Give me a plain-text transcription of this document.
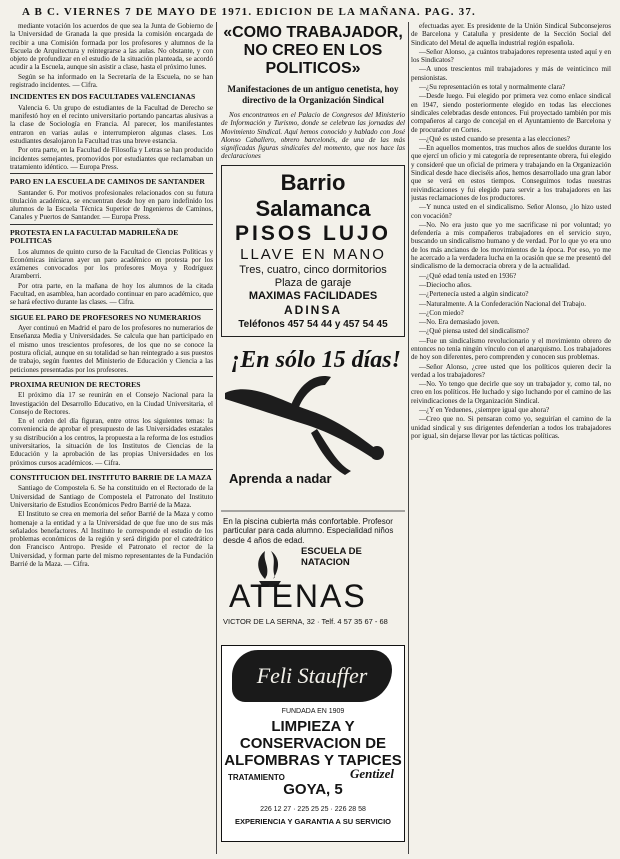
A B C. VIERNES 7 DE MAYO DE 1971. EDICION DE LA MAÑANA. PAG. 37.

mediante votación los acuerdos de que sea la Junta de Gobierno de la Universidad de Granada la que presida la comisión encargada de recibir a una Comisión formada por los profesores y alumnos de la Escuela de Arquitectura y reintegrarse a las aulas. No obstante, y con objeto de profundizar en el estudio de la situación planteada, se acordó acudir a la Escuela, aunque sin asistir a clase, hasta el próximo lunes.

Según se ha informado en la Secretaría de la Escuela, no se han registrado incidentes. — Cifra.

INCIDENTES EN DOS FACULTADES VALENCIANAS

Valencia 6. Un grupo de estudiantes de la Facultad de Derecho se manifestó hoy en el recinto universitario portando pancartas alusivas a la clase de Sociología en Francia. Al parecer, los manifestantes entraron en varias aulas e interrumpieron algunas clases. Los estudiantes desalojaron la Facultad tras una breve estancia.

Por otra parte, en la Facultad de Filosofía y Letras se han producido incidentes semejantes, promovidos por estudiantes que reclamaban un tratamiento idéntico. — Europa Press.

PARO EN LA ESCUELA DE CAMINOS DE SANTANDER

Santander 6. Por motivos profesionales relacionados con su futura titulación académica, se encuentran desde hoy en paro indefinido los alumnos de la Escuela Técnica Superior de Ingenieros de Caminos, Canales y Puertos de Santander. — Europa Press.

PROTESTA EN LA FACULTAD MADRILEÑA DE POLITICAS

Los alumnos de quinto curso de la Facultad de Ciencias Políticas y Económicas iniciaron ayer un paro académico en protesta por los exámenes convocados por los profesores Moya y Rodríguez Aramberri.

Por otra parte, en la mañana de hoy los alumnos de la citada Facultad, en asamblea, han acordado continuar en paro académico, que se hará efectivo durante las clases. — Cifra.

SIGUE EL PARO DE PROFESORES NO NUMERARIOS

Ayer continuó en Madrid el paro de los profesores no numerarios de Enseñanza Media y Universidades. Se calcula que han participado en el mismo unos trescientos profesores, de los que no se conoce la postura oficial, aunque en su totalidad se han reintegrado a sus puestos de trabajo, según fuentes del Ministerio de Educación y Ciencia a las peticiones presentadas por los profesores.

PROXIMA REUNION DE RECTORES

El próximo día 17 se reunirán en el Consejo Nacional para la Investigación del Desarrollo Educativo, en la Ciudad Universitaria, el Consejo de Rectores.

En el orden del día figuran, entre otros los siguientes temas: la conveniencia de aprobar el presupuesto de las Universidades estatales y su distribución a los centros, la propuesta a la reforma de los estudios universitarios, la situación de los Institutos de Ciencias de la Educación y la aprobación de las propias Universidades en los próximos cursos académicos. — Cifra.

CONSTITUCION DEL INSTITUTO BARRIE DE LA MAZA

Santiago de Compostela 6. Se ha constituido en el Rectorado de la Universidad de Santiago de Compostela el Patronato del Instituto Universitario de Estudios Económicos Pedro Barrié de la Maza.

El Instituto se crea en memoria del señor Barrié de la Maza y como homenaje a la entidad y a la Universidad de que fue uno de sus más señalados benefactores. Al Instituto le corresponde el estudio de los problemas económicos de la región y será dirigido por el catedrático don Francisco Antropo. Preside el Patronato el rector de la Universidad, y forman parte del mismo representantes de la Fundación Barrié de la Maza. — Cifra.

«COMO TRABAJADOR, NO CREO EN LOS POLITICOS»
Manifestaciones de un antiguo cenetista, hoy directivo de la Organización Sindical

Nos encontramos en el Palacio de Congresos del Ministerio de Información y Turismo, donde se celebran las jornadas del Movimiento Sindical. Aquí hemos conocido y hablado con José Alonso Caballero, obrero barcelonés, de una de las más significadas figuras sindicales del momento, que nos hace las declaraciones

Barrio Salamanca
PISOS LUJO
LLAVE EN MANO
Tres, cuatro, cinco dormitorios
Plaza de garaje
MAXIMAS FACILIDADES
ADINSA
Teléfonos 457 54 44 y 457 54 45
¡En sólo 15 días!
Aprenda a nadar
En la piscina cubierta más confortable. Profesor particular para cada alumno. Especialidad niños desde 4 años de edad.
ESCUELA DE NATACION
ATENAS
VICTOR DE LA SERNA, 32 · Telf. 4 57 35 67 - 68
Feli Stauffer
FUNDADA EN 1909
LIMPIEZA Y CONSERVACION DE ALFOMBRAS Y TAPICES
TRATAMIENTO	Gentizel
GOYA, 5
226 12 27 · 225 25 25 · 226 28 58
EXPERIENCIA Y GARANTIA A SU SERVICIO

efectuadas ayer. Es presidente de la Unión Sindical Subconsejeros de Barcelona y Cataluña y presidente de la Sección Social del Sindicato del Metal de aquella industrial región española.

—Señor Alonso, ¿a cuántos trabajadores representa usted aquí y en los Sindicatos?

—A unos trescientos mil trabajadores y más de veinticinco mil pensionistas.

—¿Su representación es total y normalmente clara?

—Desde luego. Fui elegido por primera vez como enlace sindical en 1947, siendo posteriormente elegido en todas las elecciones sindicales celebradas desde entonces. Fui proyectado también por mis compañeros al cargo de concejal en el Ayuntamiento de Barcelona y de procurador en Cortes.

—¿Qué es usted cuando se presenta a las elecciones?

—En aquellos momentos, tras muchos años de sueldos durante los que ejercí un oficio y mi categoría de representante obrera, fui elegido y consideré que un oficial de primera y trabajando en la Organización Sindical desde hace dieciséis años, hemos desarrollado una gran labor que se verá en estos tiempos. Conseguimos todas nuestras reivindicaciones y fui elegido para servir a los trabajadores en las justas reclamaciones de los productores.

—Y nunca usted en el sindicalismo. Señor Alonso, ¿lo hizo usted con vocación?

—No. No era justo que yo me sacrificase ni por voluntad; yo defendería a mis compañeros trabajadores en el servicio suyo, buscando un sindicalismo humano y de verdad. Por lo que yo era uno de los más ancianos de los movimientos de la época. Por eso, yo me he acercado a la verdadera lucha en la ocasión que se me presentó del sindicalismo de la democracia obrera y de la actualidad.

—¿Qué edad tenía usted en 1936?

—Dieciocho años.

—¿Pertenecía usted a algún sindicato?

—Naturalmente. A la Confederación Nacional del Trabajo.

—¿Con miedo?

—No. Era demasiado joven.

—¿Qué piensa usted del sindicalismo?

—Fue un sindicalismo revolucionario y el movimiento obrero de entonces no tenía ningún vínculo con el anarquismo. Los trabajadores de hoy son diferentes, pero comprenden y conocen sus problemas.

—Señor Alonso, ¿cree usted que los políticos quieren decir la verdad a los trabajadores?

—No. Yo tengo que decirle que soy un trabajador y, como tal, no creo en los políticos. He luchado y sigo luchando por el camino de las reivindicaciones de la Organización Sindical.

—¿Y en Yeduenes, ¿siempre igual que ahora?

—Creo que no. Si pensaran como yo, seguirían el camino de la unidad sindical y sus dirigentes defenderían a todos los trabajadores por igual, sin dejarse llevar por las tácticas políticas.
